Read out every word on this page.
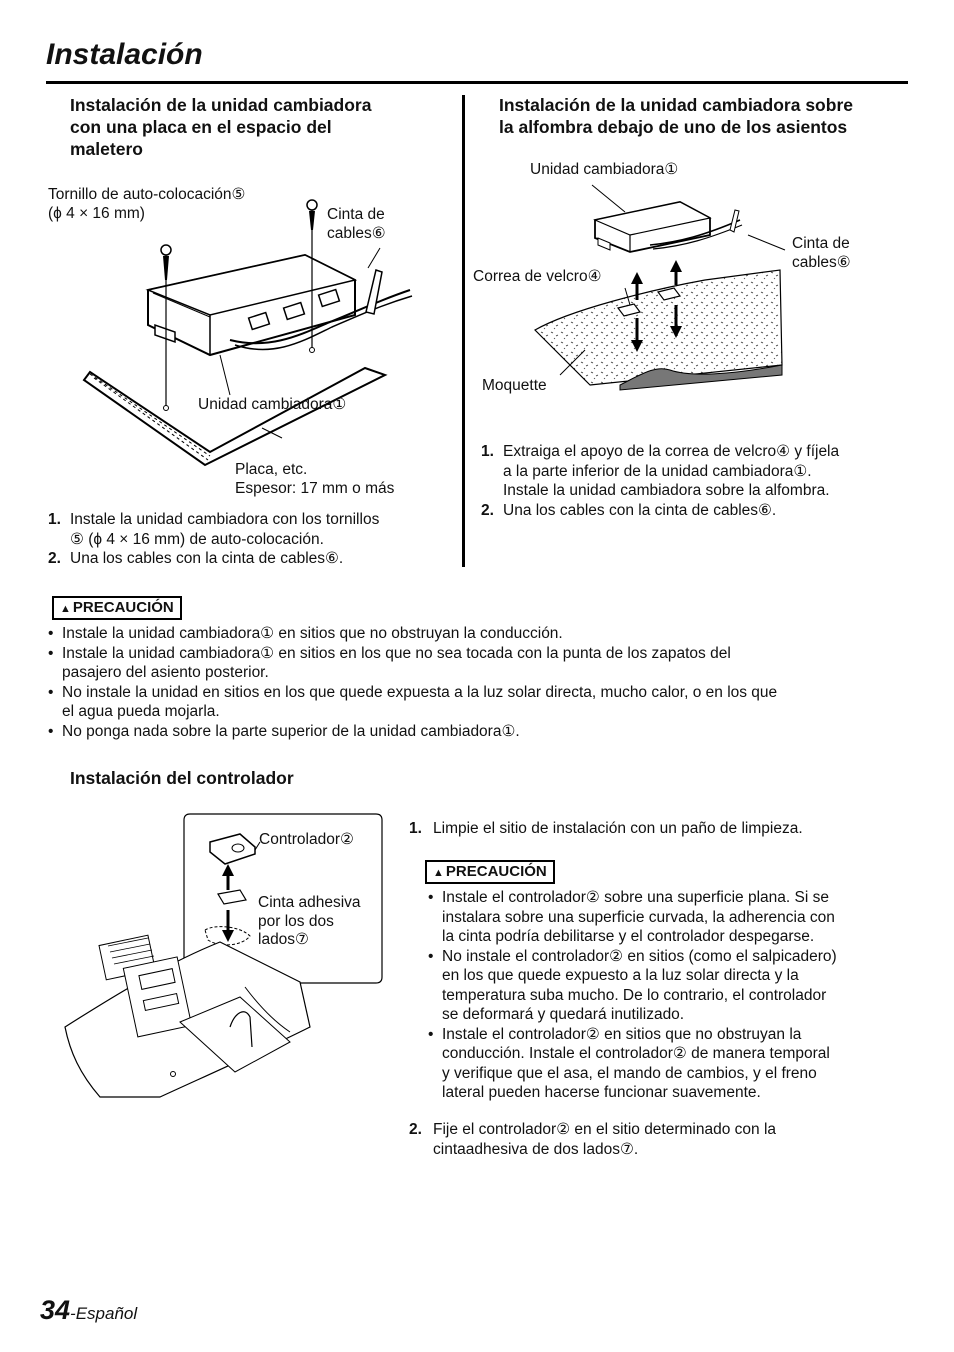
Instalación
Instalación de la unidad cambiadora
con una placa en el espacio del
maletero
Tornillo de auto-colocación⑤
(ϕ 4 × 16 mm)	Cinta de
cables⑥
Unidad cambiadora①
Placa, etc.
Espesor: 17 mm o más
1. Instale la unidad cambiadora con los tornillos
⑤ (ϕ 4 × 16 mm) de auto-colocación.
2. Una los cables con la cinta de cables⑥.
Instalación de la unidad cambiadora sobre
la alfombra debajo de uno de los asientos
Unidad cambiadora①
Cinta de
cables⑥
Correa de velcro④
Moquette
1. Extraiga el apoyo de la correa de velcro④ y fíjela
a la parte inferior de la unidad cambiadora①.
Instale la unidad cambiadora sobre la alfombra.
2. Una los cables con la cinta de cables⑥.
▲ PRECAUCIÓN
• Instale la unidad cambiadora① en sitios que no obstruyan la conducción.
• Instale la unidad cambiadora① en sitios en los que no sea tocada con la punta de los zapatos del
pasajero del asiento posterior.
• No instale la unidad en sitios en los que quede expuesta a la luz solar directa, mucho calor, o en los que
el agua pueda mojarla.
• No ponga nada sobre la parte superior de la unidad cambiadora①.
Instalación del controlador
Controlador②
Cinta adhesiva
por los dos
lados⑦
1. Limpie el sitio de instalación con un paño de limpieza.
▲ PRECAUCIÓN
• Instale el controlador② sobre una superficie plana. Si se
instalara sobre una superficie curvada, la adherencia con
la cinta podría debilitarse y el controlador despegarse.
• No instale el controlador② en sitios (como el salpicadero)
en los que quede expuesto a la luz solar directa y la
temperatura suba mucho. De lo contrario, el controlador
se deformará y quedará inutilizado.
• Instale el controlador② en sitios que no obstruyan la
conducción. Instale el controlador② de manera temporal
y verifique que el asa, el mando de cambios, y el freno
lateral pueden hacerse funcionar suavemente.
2. Fije el controlador② en el sitio determinado con la
cintaadhesiva de dos lados⑦.
34-Español
